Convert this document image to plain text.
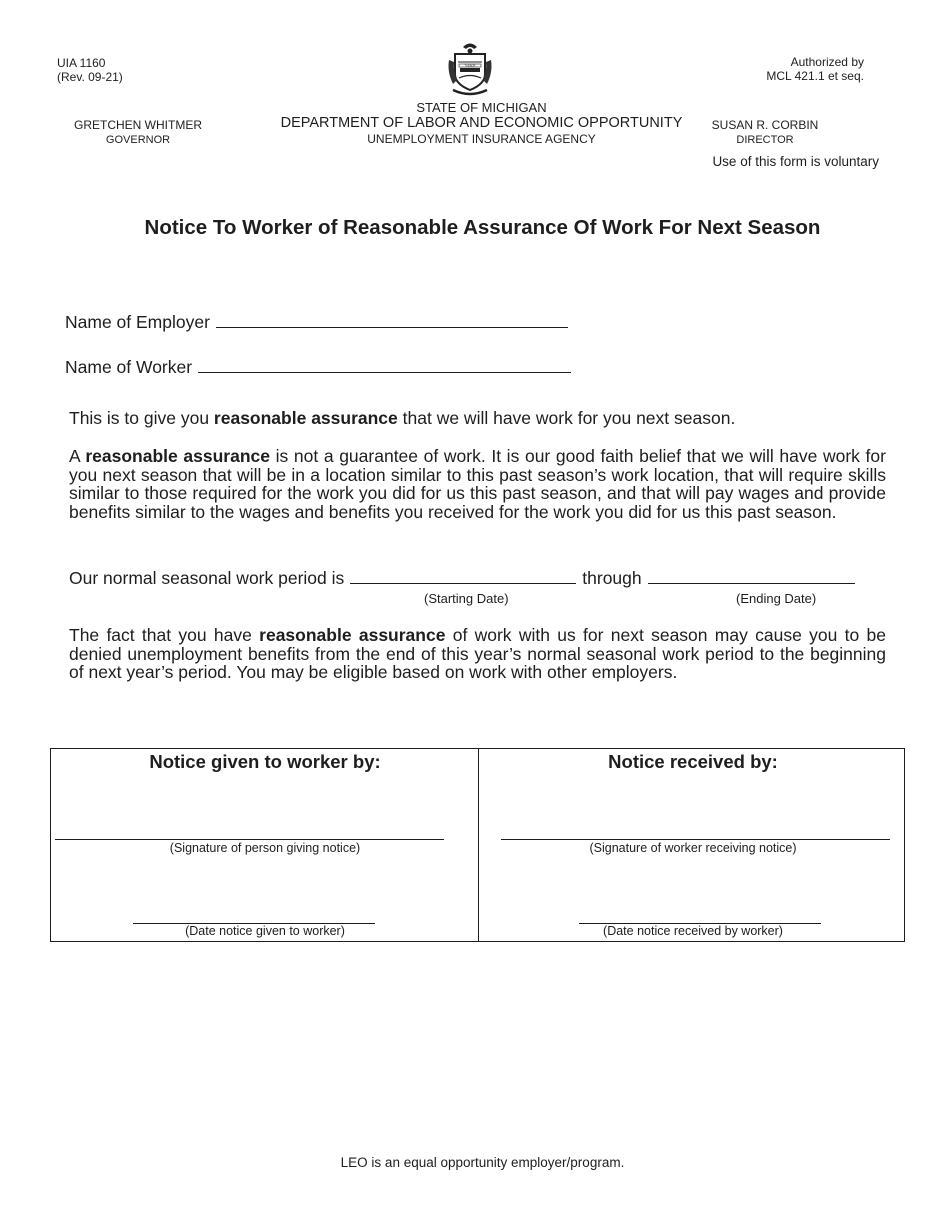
UIA 1160
(Rev. 09-21)
Authorized by
MCL 421.1 et seq.
TUEBOR
GRETCHEN WHITMER
GOVERNOR
STATE OF MICHIGAN
DEPARTMENT OF LABOR AND ECONOMIC OPPORTUNITY
UNEMPLOYMENT INSURANCE AGENCY
SUSAN R. CORBIN
DIRECTOR
Use of this form is voluntary
Notice To Worker of Reasonable Assurance Of Work For Next Season
Name of Employer
Name of Worker
This is to give you reasonable assurance that we will have work for you next season.
A reasonable assurance is not a guarantee of work. It is our good faith belief that we will have work for you next season that will be in a location similar to this past season’s work location, that will require skills similar to those required for the work you did for us this past season, and that will pay wages and provide benefits similar to the wages and benefits you received for the work you did for us this past season.
Our normal seasonal work period is	through
(Starting Date)	(Ending Date)
The fact that you have reasonable assurance of work with us for next season may cause you to be denied unemployment benefits from the end of this year’s normal seasonal work period to the beginning of next year’s period. You may be eligible based on work with other employers.
Notice given to worker by:
(Signature of person giving notice)
(Date notice given to worker)
Notice received by:
(Signature of worker receiving notice)
(Date notice received by worker)
LEO is an equal opportunity employer/program.
